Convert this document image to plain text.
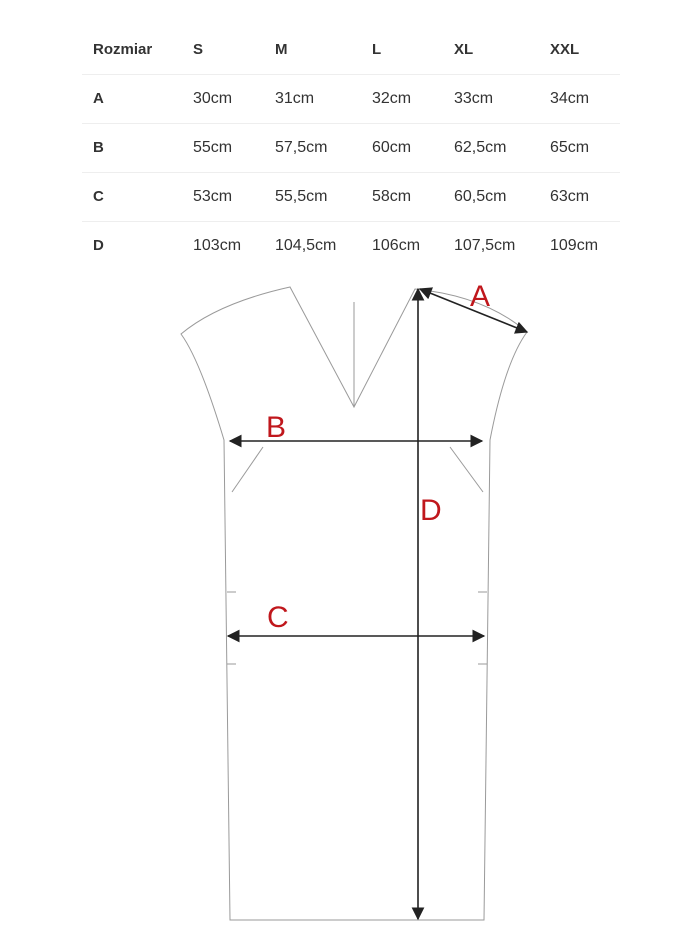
Rozmiar	S	M	L	XL	XXL
A	30cm	31cm	32cm	33cm	34cm
B	55cm	57,5cm	60cm	62,5cm	65cm
C	53cm	55,5cm	58cm	60,5cm	63cm
D	103cm 104,5cm 106cm 107,5cm 109cm
A
B
C
D
